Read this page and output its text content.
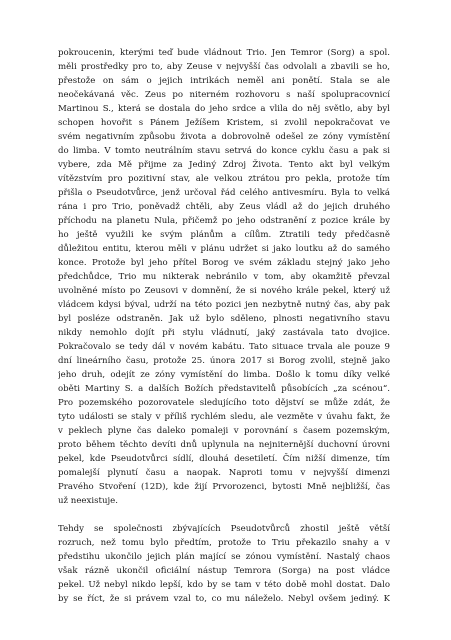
pokroucenin, kterými teď bude vládnout Trio. Jen Temror (Sorg) a spol.
měli prostředky pro to, aby Zeuse v nejvyšší čas odvolali a zbavili se ho,
přestože on sám o jejich intrikách neměl ani ponětí. Stala se ale
neočekávaná věc. Zeus po niterném rozhovoru s naší spolupracovnicí
Martinou S., která se dostala do jeho srdce a vlila do něj světlo, aby byl
schopen hovořit s Pánem Ježíšem Kristem, si zvolil nepokračovat ve
svém negativním způsobu života a dobrovolně odešel ze zóny vymístění
do limba. V tomto neutrálním stavu setrvá do konce cyklu času a pak si
vybere, zda Mě přijme za Jediný Zdroj Života. Tento akt byl velkým
vítězstvím pro pozitivní stav, ale velkou ztrátou pro pekla, protože tím
přišla o Pseudotvůrce, jenž určoval řád celého antivesmíru. Byla to velká
rána i pro Trio, poněvadž chtěli, aby Zeus vládl až do jejich druhého
příchodu na planetu Nula, přičemž po jeho odstranění z pozice krále by
ho ještě využili ke svým plánům a cílům. Ztratili tedy předčasně
důležitou entitu, kterou měli v plánu udržet si jako loutku až do samého
konce. Protože byl jeho přítel Borog ve svém základu stejný jako jeho
předchůdce, Trio mu nikterak nebránilo v tom, aby okamžitě převzal
uvolněné místo po Zeusovi v domnění, že si nového krále pekel, který už
vládcem kdysi býval, udrží na této pozici jen nezbytně nutný čas, aby pak
byl posléze odstraněn. Jak už bylo sděleno, plnosti negativního stavu
nikdy nemohlo dojít při stylu vládnutí, jaký zastávala tato dvojice.
Pokračovalo se tedy dál v novém kabátu. Tato situace trvala ale pouze 9
dní lineárního času, protože 25. února 2017 si Borog zvolil, stejně jako
jeho druh, odejít ze zóny vymístění do limba. Došlo k tomu díky velké
oběti Martiny S. a dalších Božích představitelů působících „za scénou“.
Pro pozemského pozorovatele sledujícího toto dějství se může zdát, že
tyto události se staly v příliš rychlém sledu, ale vezměte v úvahu fakt, že
v peklech plyne čas daleko pomaleji v porovnání s časem pozemským,
proto během těchto devíti dnů uplynula na nejniternější duchovní úrovni
pekel, kde Pseudotvůrci sídlí, dlouhá desetiletí. Čím nižší dimenze, tím
pomalejší plynutí času a naopak. Naproti tomu v nejvyšší dimenzi
Pravého Stvoření (12D), kde žijí Prvorozenci, bytosti Mně nejbližší, čas
už neexistuje.
Tehdy se společnosti zbývajících Pseudotvůrců zhostil ještě větší
rozruch, než tomu bylo předtím, protože to Triu překazilo snahy a v
předstihu ukončilo jejich plán mající se zónou vymístění. Nastalý chaos
však rázně ukončil oficiální nástup Temrora (Sorga) na post vládce
pekel. Už nebyl nikdo lepší, kdo by se tam v této době mohl dostat. Dalo
by se říct, že si právem vzal to, co mu náleželo. Nebyl ovšem jediný. K
